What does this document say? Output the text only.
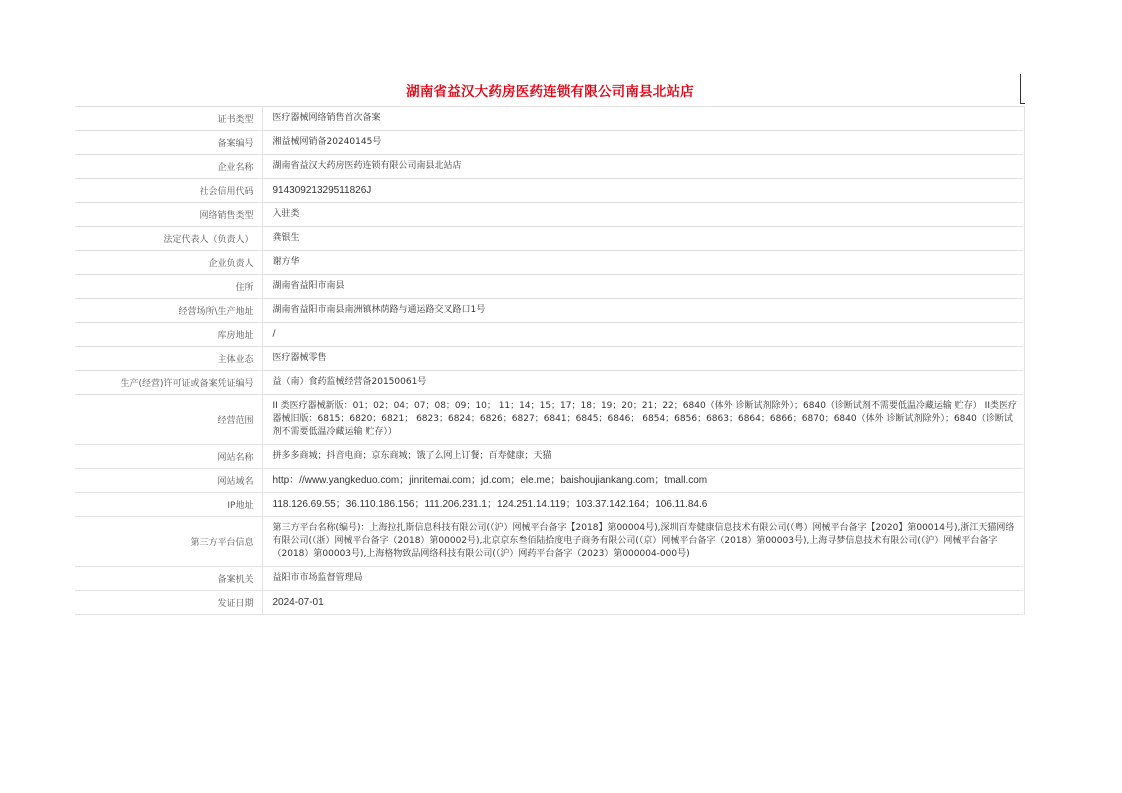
湖南省益汉大药房医药连锁有限公司南县北站店
证书类型	医疗器械网络销售首次备案
备案编号	湘益械网销备20240145号
企业名称	湖南省益汉大药房医药连锁有限公司南县北站店
社会信用代码	91430921329511826J
网络销售类型	入驻类
法定代表人（负责人）	龚银生
企业负责人	谢方华
住所	湖南省益阳市南县
经营场所\生产地址	湖南省益阳市南县南洲镇林荫路与通运路交叉路口1号
库房地址	/
主体业态	医疗器械零售
生产(经营)许可证或备案凭证编号	益（南）食药监械经营备20150061号
经营范围	II 类医疗器械新版：01；02；04；07；08；09；10； 11；14；15；17；18；19；20；21；22；6840（体外 诊断试剂除外）；6840（诊断试剂不需要低温冷藏运输 贮存） II类医疗器械旧版：6815；6820；6821； 6823；6824；6826；6827；6841；6845；6846； 6854；6856；6863；6864；6866；6870；6840（体外 诊断试剂除外）；6840（诊断试剂不需要低温冷藏运输 贮存））
网站名称	拼多多商城；抖音电商；京东商城；饿了么网上订餐；百寿健康；天猫
网站域名	http：//www.yangkeduo.com；jinritemai.com；jd.com；ele.me；baishoujiankang.com；tmall.com
IP地址	118.126.69.55；36.110.186.156；111.206.231.1；124.251.14.119；103.37.142.164；106.11.84.6
第三方平台信息	第三方平台名称(编号)：上海拉扎斯信息科技有限公司(（沪）网械平台备字【2018】第00004号),深圳百寿健康信息技术有限公司(（粤）网械平台备字【2020】第00014号),浙江天猫网络有限公司(（浙）网械平台备字（2018）第00002号),北京京东叁佰陆拾度电子商务有限公司(（京）网械平台备字（2018）第00003号),上海寻梦信息技术有限公司(（沪）网械平台备字（2018）第00003号),上海格物致品网络科技有限公司(（沪）网药平台备字（2023）第000004-000号)
备案机关	益阳市市场监督管理局
发证日期	2024-07-01
